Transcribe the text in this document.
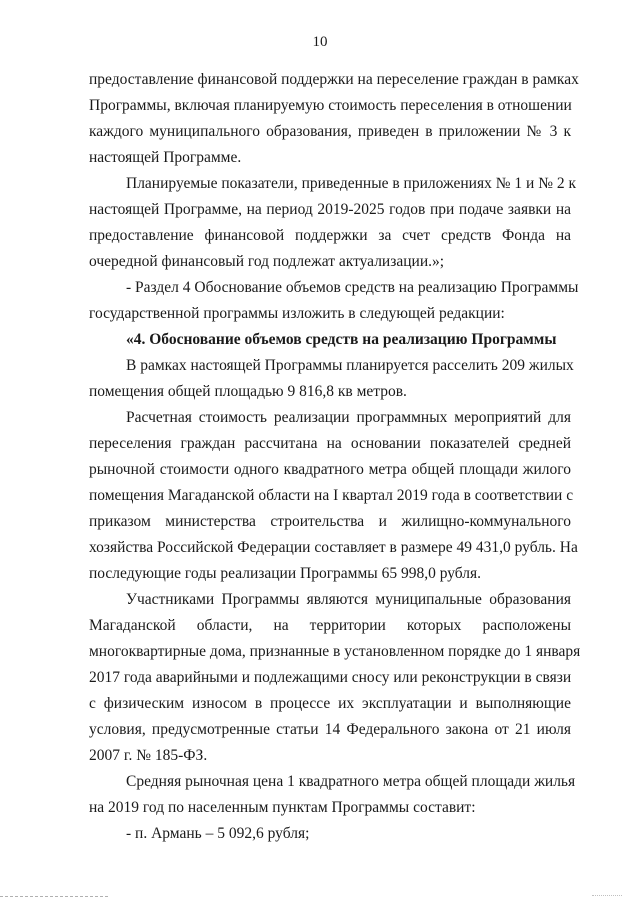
10
предоставление финансовой поддержки на переселение граждан в рамках
Программы, включая планируемую стоимость переселения в отношении
каждого муниципального образования, приведен в приложении № 3 к
настоящей Программе.
Планируемые показатели, приведенные в приложениях № 1 и № 2 к
настоящей Программе, на период 2019-2025 годов при подаче заявки на
предоставление финансовой поддержки за счет средств Фонда на
очередной финансовый год подлежат актуализации.»;
- Раздел 4 Обоснование объемов средств на реализацию Программы
государственной программы изложить в следующей редакции:
«4. Обоснование объемов средств на реализацию Программы
В рамках настоящей Программы планируется расселить 209 жилых
помещения общей площадью 9 816,8 кв метров.
Расчетная стоимость реализации программных мероприятий для
переселения граждан рассчитана на основании показателей средней
рыночной стоимости одного квадратного метра общей площади жилого
помещения Магаданской области на I квартал 2019 года в соответствии с
приказом министерства строительства и жилищно-коммунального
хозяйства Российской Федерации составляет в размере 49 431,0 рубль. На
последующие годы реализации Программы 65 998,0 рубля.
Участниками Программы являются муниципальные образования
Магаданской области, на территории которых расположены
многоквартирные дома, признанные в установленном порядке до 1 января
2017 года аварийными и подлежащими сносу или реконструкции в связи
с физическим износом в процессе их эксплуатации и выполняющие
условия, предусмотренные статьи 14 Федерального закона от 21 июля
2007 г. № 185-ФЗ.
Средняя рыночная цена 1 квадратного метра общей площади жилья
на 2019 год по населенным пунктам Программы составит:
- п. Армань – 5 092,6 рубля;
